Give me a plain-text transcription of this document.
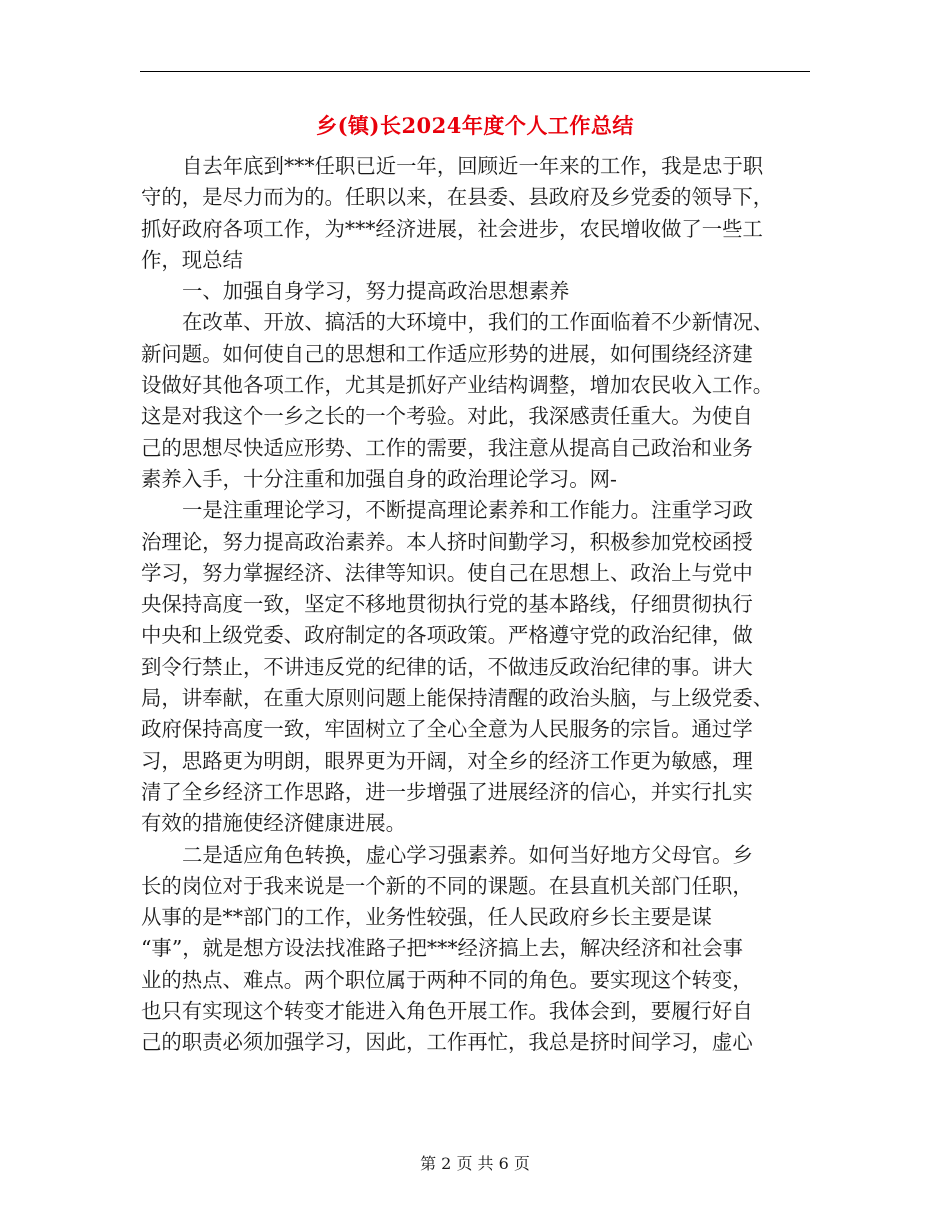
乡(镇)长2024年度个人工作总结
自去年底到***任职已近一年，回顾近一年来的工作，我是忠于职
守的，是尽力而为的。任职以来，在县委、县政府及乡党委的领导下，
抓好政府各项工作，为***经济进展，社会进步，农民增收做了一些工
作，现总结
一、加强自身学习，努力提高政治思想素养
在改革、开放、搞活的大环境中，我们的工作面临着不少新情况、
新问题。如何使自己的思想和工作适应形势的进展，如何围绕经济建
设做好其他各项工作，尤其是抓好产业结构调整，增加农民收入工作。
这是对我这个一乡之长的一个考验。对此，我深感责任重大。为使自
己的思想尽快适应形势、工作的需要，我注意从提高自己政治和业务
素养入手，十分注重和加强自身的政治理论学习。网-
一是注重理论学习，不断提高理论素养和工作能力。注重学习政
治理论，努力提高政治素养。本人挤时间勤学习，积极参加党校函授
学习，努力掌握经济、法律等知识。使自己在思想上、政治上与党中
央保持高度一致，坚定不移地贯彻执行党的基本路线，仔细贯彻执行
中央和上级党委、政府制定的各项政策。严格遵守党的政治纪律，做
到令行禁止，不讲违反党的纪律的话，不做违反政治纪律的事。讲大
局，讲奉献，在重大原则问题上能保持清醒的政治头脑，与上级党委、
政府保持高度一致，牢固树立了全心全意为人民服务的宗旨。通过学
习，思路更为明朗，眼界更为开阔，对全乡的经济工作更为敏感，理
清了全乡经济工作思路，进一步增强了进展经济的信心，并实行扎实
有效的措施使经济健康进展。
二是适应角色转换，虚心学习强素养。如何当好地方父母官。乡
长的岗位对于我来说是一个新的不同的课题。在县直机关部门任职，
从事的是**部门的工作，业务性较强，任人民政府乡长主要是谋
“事”，就是想方设法找准路子把***经济搞上去，解决经济和社会事
业的热点、难点。两个职位属于两种不同的角色。要实现这个转变，
也只有实现这个转变才能进入角色开展工作。我体会到，要履行好自
己的职责必须加强学习，因此，工作再忙，我总是挤时间学习，虚心
第 2 页 共 6 页
